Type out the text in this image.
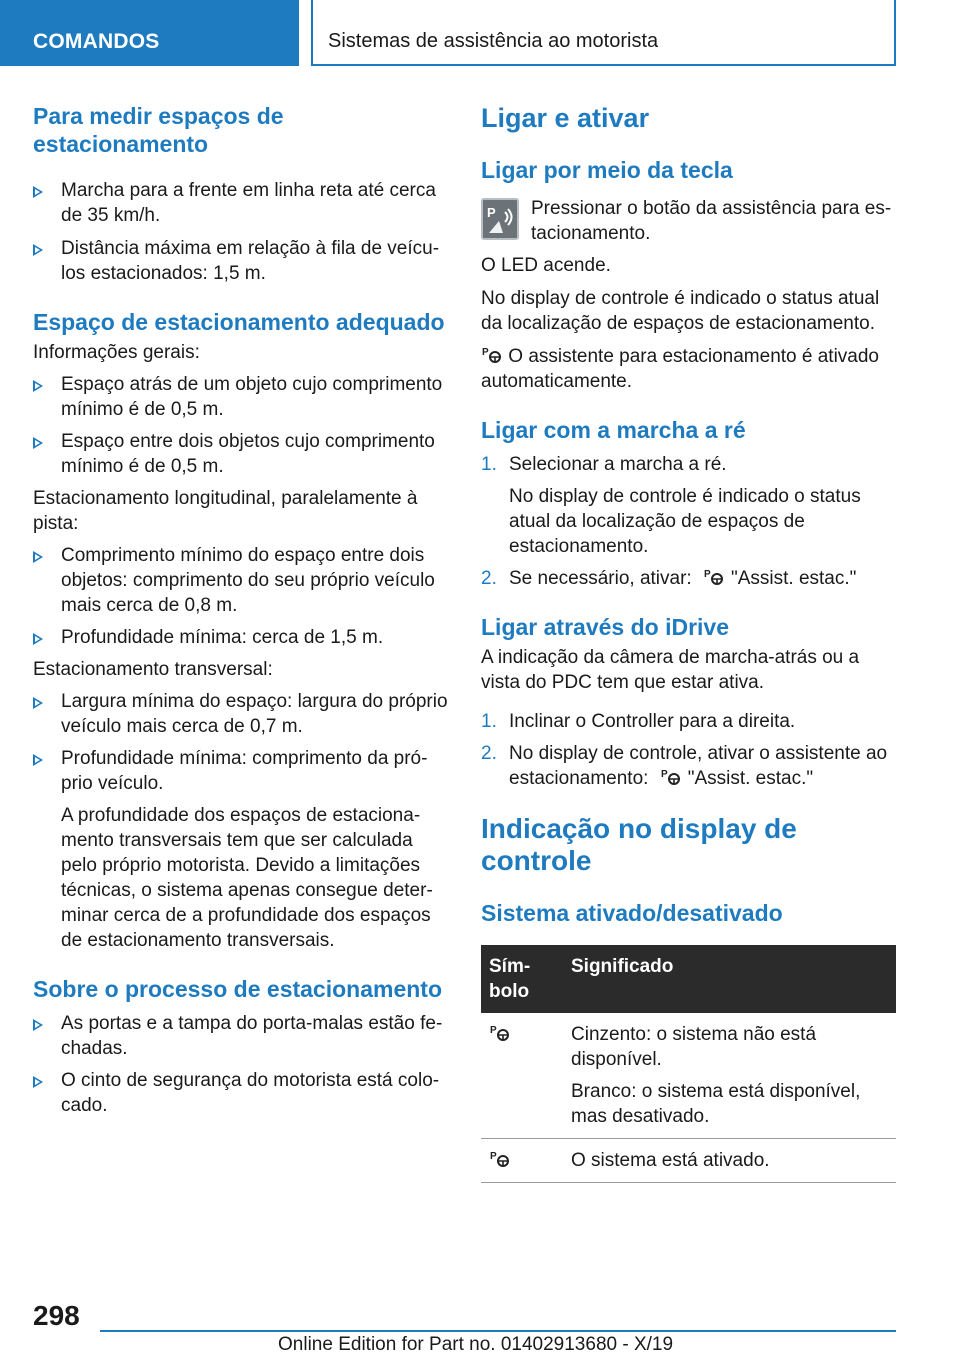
COMANDOS	Sistemas de assistência ao motorista
Para medir espaços de estacionamento
Marcha para a frente em linha reta até cerca de 35 km/h.
Distância máxima em relação à fila de veículos estacionados: 1,5 m.
Espaço de estacionamento adequado

Informações gerais:

Espaço atrás de um objeto cujo comprimento mínimo é de 0,5 m.
Espaço entre dois objetos cujo comprimento mínimo é de 0,5 m.

Estacionamento longitudinal, paralelamente à pista:

Comprimento mínimo do espaço entre dois objetos: comprimento do seu próprio veículo mais cerca de 0,8 m.
Profundidade mínima: cerca de 1,5 m.

Estacionamento transversal:

Largura mínima do espaço: largura do próprio veículo mais cerca de 0,7 m.
Profundidade mínima: comprimento da próprio veículo.

A profundidade dos espaços de estacionamento transversais tem que ser calculada pelo próprio motorista. Devido a limitações técnicas, o sistema apenas consegue determinar cerca de a profundidade dos espaços de estacionamento transversais.

Sobre o processo de estacionamento
As portas e a tampa do porta-malas estão fechadas.
O cinto de segurança do motorista está colocado.
Ligar e ativar
Ligar por meio da tecla
P Pressionar o botão da assistência para estacionamento.

O LED acende.

No display de controle é indicado o status atual da localização de espaços de estacionamento.

P O assistente para estacionamento é ativado automaticamente.

Ligar com a marcha a ré
1. Selecionar a marcha a ré.

No display de controle é indicado o status atual da localização de espaços de estacionamento.

2. Se necessário, ativar: P "Assist. estac."
Ligar através do iDrive

A indicação da câmera de marcha-atrás ou a vista do PDC tem que estar ativa.

1. Inclinar o Controller para a direita.
2. No display de controle, ativar o assistente ao estacionamento: P "Assist. estac."
Indicação no display de controle
Sistema ativado/desativado
Símbolo	Significado

P	Cinzento: o sistema não está disponível.

Branco: o sistema está disponível, mas desativado.

P	O sistema está ativado.

298
Online Edition for Part no. 01402913680 - X/19
